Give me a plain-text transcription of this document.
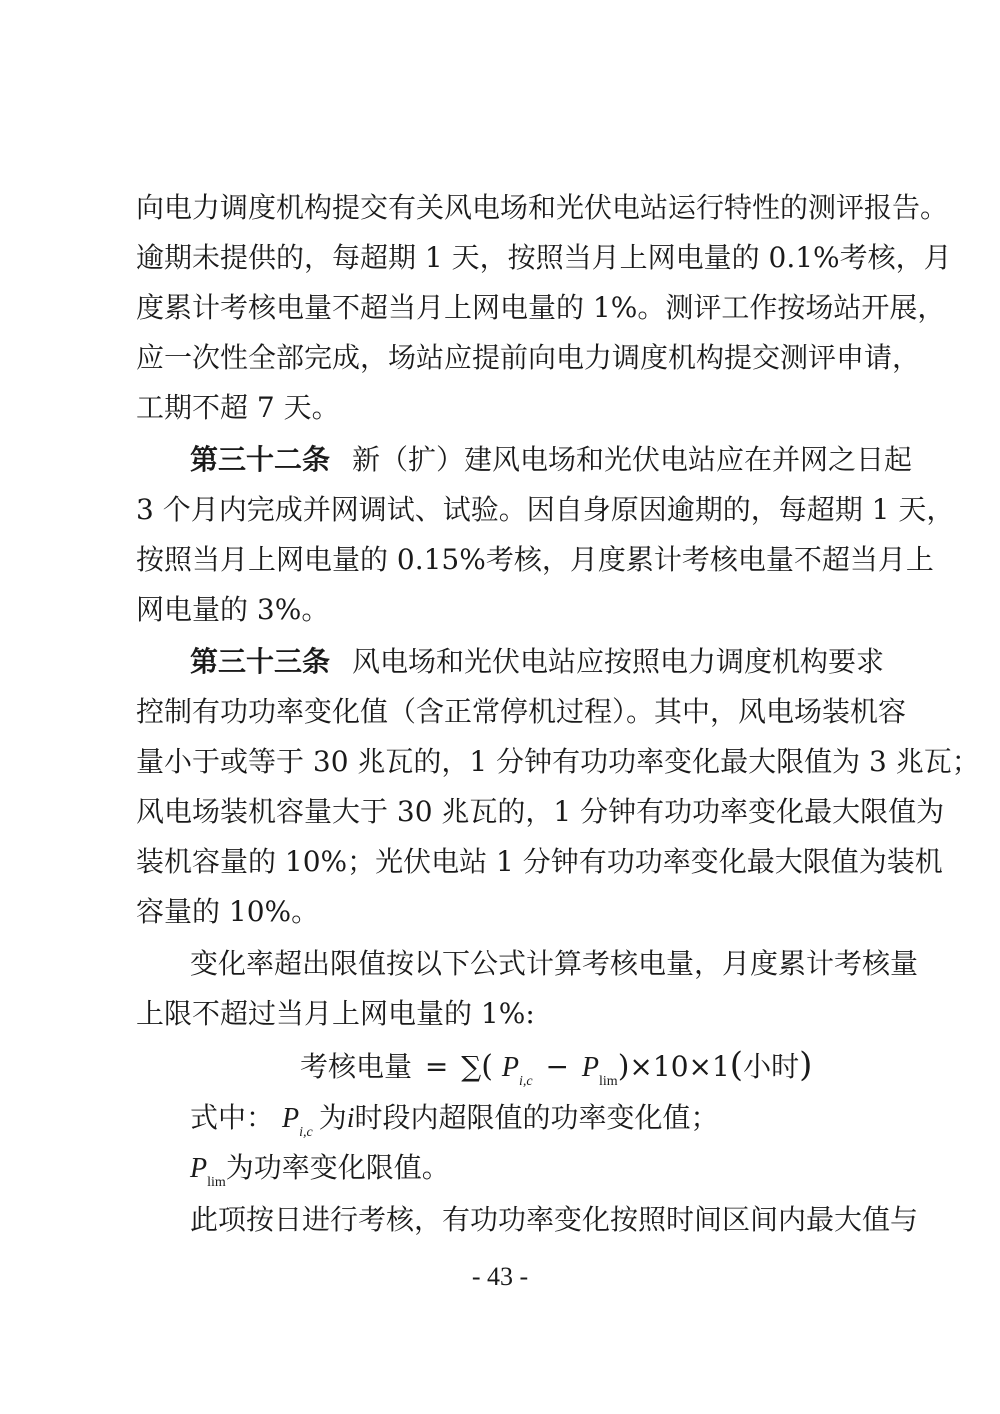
向电力调度机构提交有关风电场和光伏电站运行特性的测评报告。
逾期未提供的，每超期 1 天，按照当月上网电量的 0.1%考核，月
度累计考核电量不超当月上网电量的 1%。测评工作按场站开展，
应一次性全部完成，场站应提前向电力调度机构提交测评申请，
工期不超 7 天。
第三十二条 新（扩）建风电场和光伏电站应在并网之日起
3 个月内完成并网调试、试验。因自身原因逾期的，每超期 1 天，
按照当月上网电量的 0.15%考核，月度累计考核电量不超当月上
网电量的 3%。
第三十三条 风电场和光伏电站应按照电力调度机构要求
控制有功功率变化值（含正常停机过程）。其中，风电场装机容
量小于或等于 30 兆瓦的，1 分钟有功功率变化最大限值为 3 兆瓦；
风电场装机容量大于 30 兆瓦的，1 分钟有功功率变化最大限值为
装机容量的 10%；光伏电站 1 分钟有功功率变化最大限值为装机
容量的 10%。
变化率超出限值按以下公式计算考核电量，月度累计考核量
上限不超过当月上网电量的 1%:
考核电量 = ∑( $P_{i,c} - P_{lim})\times 10\times 1$(小时)
式中： $P_{i,c}$ 为i时段内超限值的功率变化值；
$P_{lim}$为功率变化限值。
此项按日进行考核，有功功率变化按照时间区间内最大值与
- 43 -
